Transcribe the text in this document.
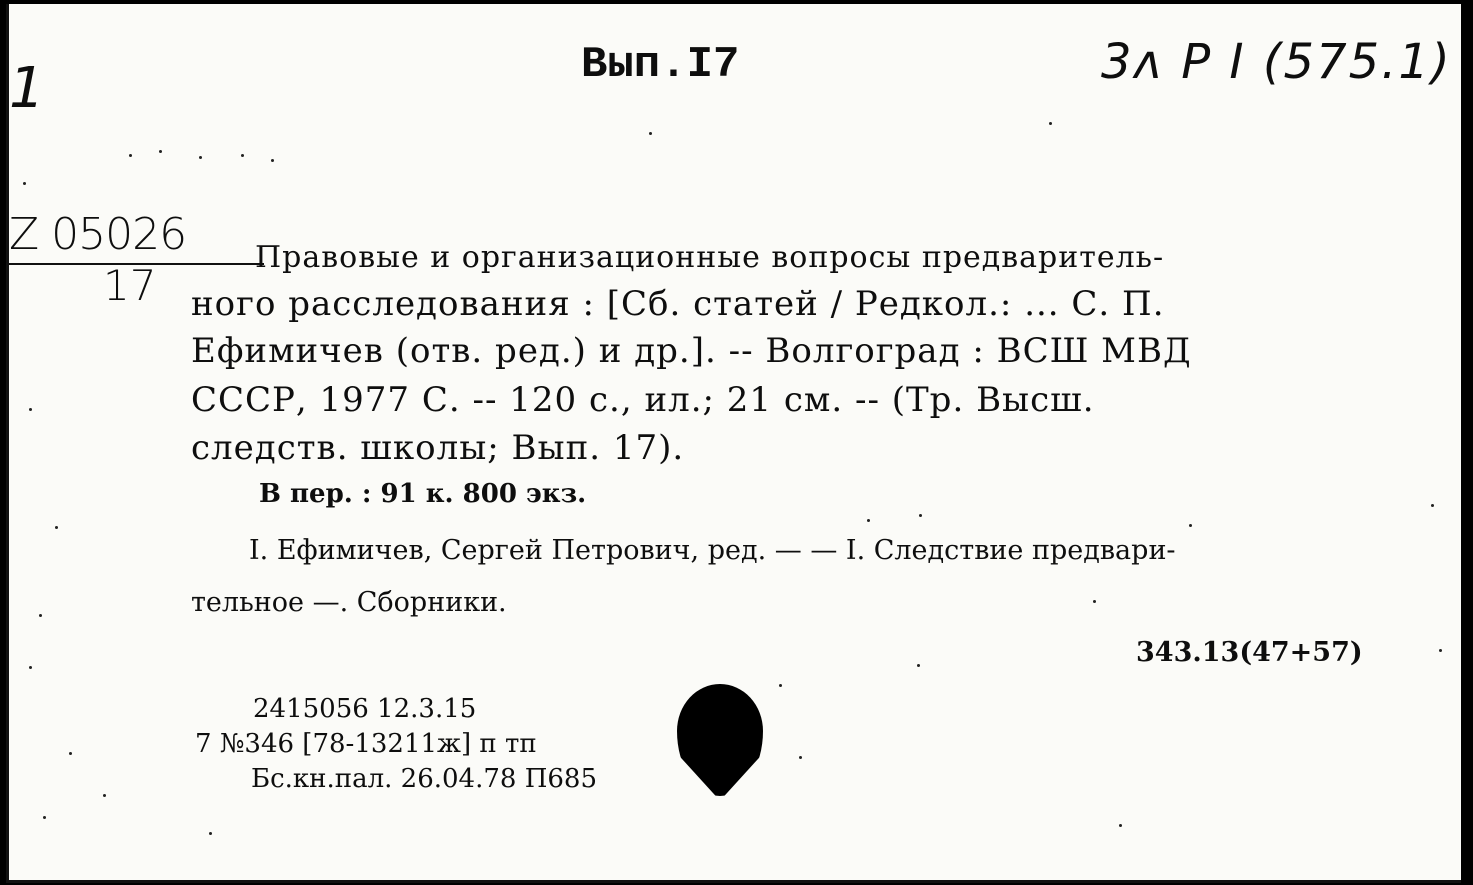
1	Вып.I7	3ᴧ P I (575.1)
Z 05026
17
Правовые и организационные вопросы предваритель-
ного расследования : [Сб. статей / Редкол.: ... С. П.
Ефимичев (отв. ред.) и др.]. -- Волгоград : ВСШ МВД
СССР, 1977 С. -- 120 с., ил.; 21 см. -- (Тр. Высш.
следств. школы; Вып. 17).
В пер. : 91 к. 800 экз.
I. Ефимичев, Сергей Петрович, ред. — — I. Следствие предвари-
тельное —. Сборники.
343.13(47+57)
2415056 12.3.15
7 №346 [78-13211ж] п тп
Бс.кн.пал. 26.04.78 П685
